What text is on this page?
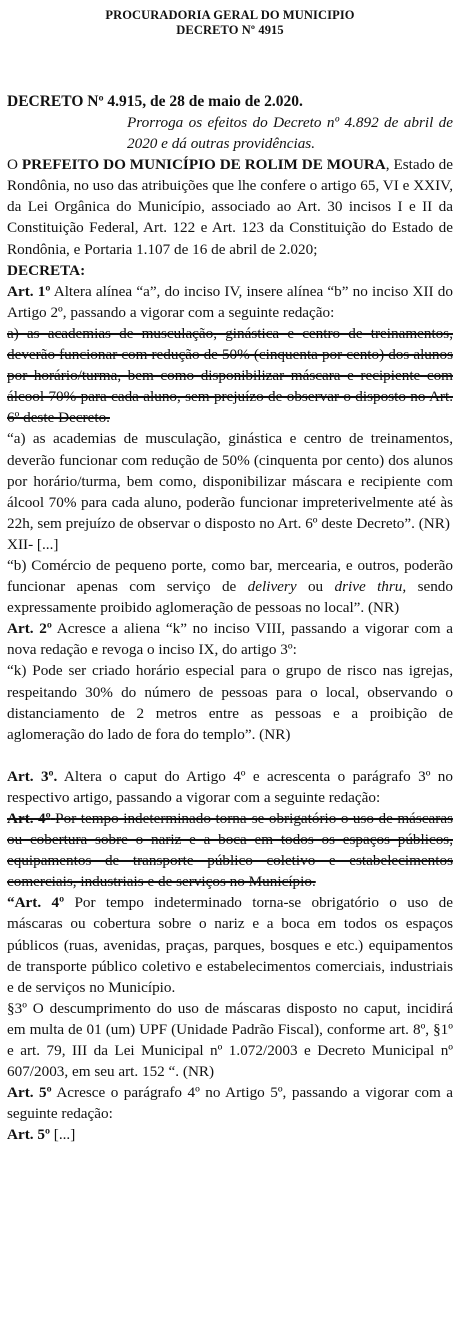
PROCURADORIA GERAL DO MUNICIPIO
DECRETO Nº 4915

DECRETO Nº 4.915, de 28 de maio de 2.020.

Prorroga os efeitos do Decreto nº 4.892 de abril de 2020 e dá outras providências.

O PREFEITO DO MUNICÍPIO DE ROLIM DE MOURA, Estado de Rondônia, no uso das atribuições que lhe confere o artigo 65, VI e XXIV, da Lei Orgânica do Município, associado ao Art. 30 incisos I e II da Constituição Federal, Art. 122 e Art. 123 da Constituição do Estado de Rondônia, e Portaria 1.107 de 16 de abril de 2.020;

DECRETA:

Art. 1º Altera alínea “a”, do inciso IV, insere alínea “b” no inciso XII do Artigo 2º, passando a vigorar com a seguinte redação:

a) as academias de musculação, ginástica e centro de treinamentos, deverão funcionar com redução de 50% (cinquenta por cento) dos alunos por horário/turma, bem como disponibilizar máscara e recipiente com álcool 70% para cada aluno, sem prejuízo de observar o disposto no Art. 6º deste Decreto.

“a) as academias de musculação, ginástica e centro de treinamentos, deverão funcionar com redução de 50% (cinquenta por cento) dos alunos por horário/turma, bem como, disponibilizar máscara e recipiente com álcool 70% para cada aluno, poderão funcionar impreterivelmente até às 22h, sem prejuízo de observar o disposto no Art. 6º deste Decreto”. (NR)

XII- [...]

“b) Comércio de pequeno porte, como bar, mercearia, e outros, poderão funcionar apenas com serviço de delivery ou drive thru, sendo expressamente proibido aglomeração de pessoas no local”. (NR)

Art. 2º Acresce a aliena “k” no inciso VIII, passando a vigorar com a nova redação e revoga o inciso IX, do artigo 3º:

“k) Pode ser criado horário especial para o grupo de risco nas igrejas, respeitando 30% do número de pessoas para o local, observando o distanciamento de 2 metros entre as pessoas e a proibição de aglomeração do lado de fora do templo”. (NR)

Art. 3º. Altera o caput do Artigo 4º e acrescenta o parágrafo 3º no respectivo artigo, passando a vigorar com a seguinte redação:

Art. 4º Por tempo indeterminado torna-se obrigatório o uso de máscaras ou cobertura sobre o nariz e a boca em todos os espaços públicos, equipamentos de transporte público coletivo e estabelecimentos comerciais, industriais e de serviços no Município.

“Art. 4º Por tempo indeterminado torna-se obrigatório o uso de máscaras ou cobertura sobre o nariz e a boca em todos os espaços públicos (ruas, avenidas, praças, parques, bosques e etc.) equipamentos de transporte público coletivo e estabelecimentos comerciais, industriais e de serviços no Município.

§3º O descumprimento do uso de máscaras disposto no caput, incidirá em multa de 01 (um) UPF (Unidade Padrão Fiscal), conforme art. 8º, §1º e art. 79, III da Lei Municipal nº 1.072/2003 e Decreto Municipal nº 607/2003, em seu art. 152 “. (NR)

Art. 5º Acresce o parágrafo 4º no Artigo 5º, passando a vigorar com a seguinte redação:

Art. 5º [...]
